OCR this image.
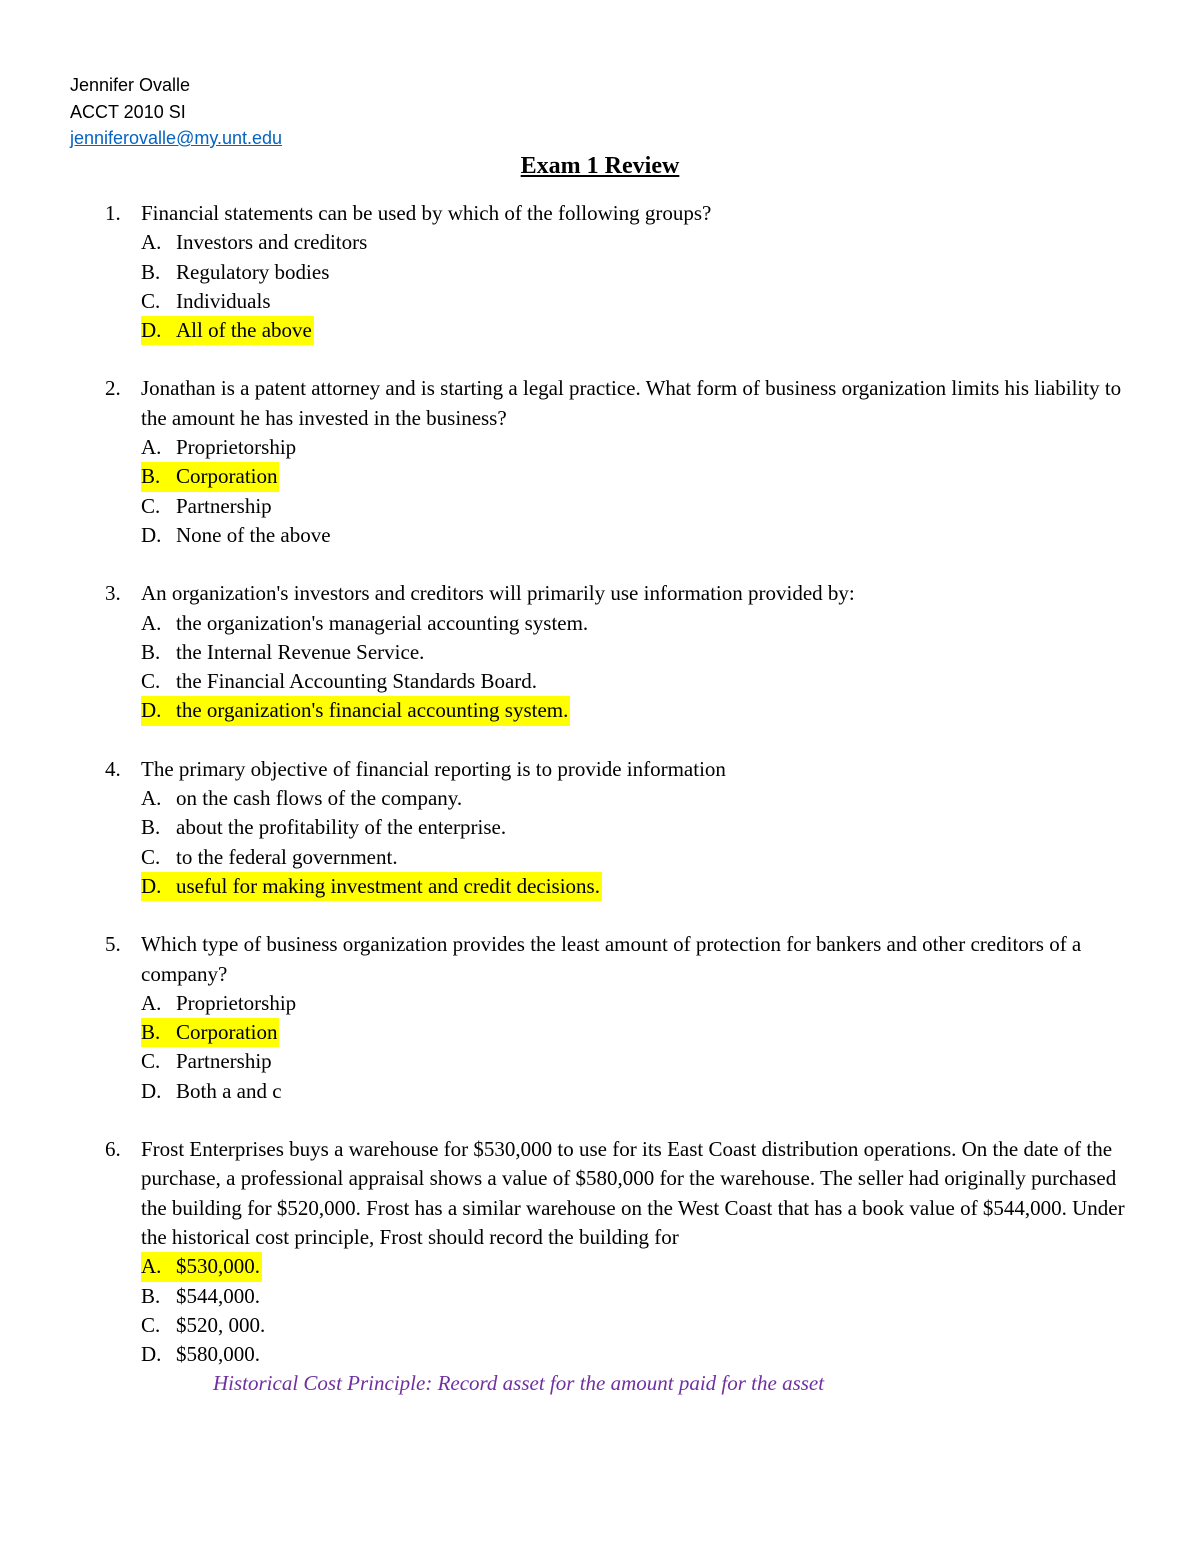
Jennifer Ovalle
ACCT 2010 SI
jenniferovalle@my.unt.edu
Exam 1 Review
1. Financial statements can be used by which of the following groups?
A. Investors and creditors
B. Regulatory bodies
C. Individuals
D. All of the above
2. Jonathan is a patent attorney and is starting a legal practice. What form of business organization limits his liability to the amount he has invested in the business?
A. Proprietorship
B. Corporation
C. Partnership
D. None of the above
3. An organization's investors and creditors will primarily use information provided by:
A. the organization's managerial accounting system.
B. the Internal Revenue Service.
C. the Financial Accounting Standards Board.
D. the organization's financial accounting system.
4. The primary objective of financial reporting is to provide information
A. on the cash flows of the company.
B. about the profitability of the enterprise.
C. to the federal government.
D. useful for making investment and credit decisions.
5. Which type of business organization provides the least amount of protection for bankers and other creditors of a company?
A. Proprietorship
B. Corporation
C. Partnership
D. Both a and c
6. Frost Enterprises buys a warehouse for $530,000 to use for its East Coast distribution operations. On the date of the purchase, a professional appraisal shows a value of $580,000 for the warehouse. The seller had originally purchased the building for $520,000. Frost has a similar warehouse on the West Coast that has a book value of $544,000. Under the historical cost principle, Frost should record the building for
A. $530,000.
B. $544,000.
C. $520, 000.
D. $580,000.
Historical Cost Principle: Record asset for the amount paid for the asset
